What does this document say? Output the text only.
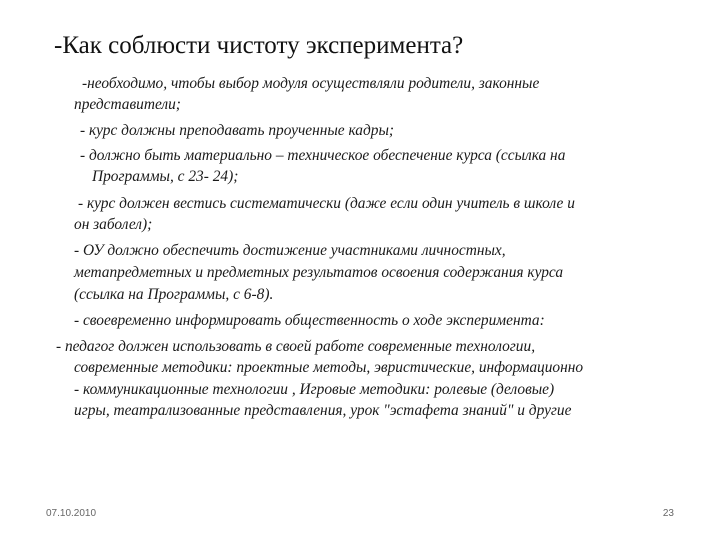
-Как соблюсти чистоту эксперимента?
-необходимо, чтобы выбор модуля осуществляли родители, законные
представители;
- курс должны преподавать проученные кадры;
- должно быть материально – техническое обеспечение курса (ссылка на
Программы, с 23- 24);
- курс должен вестись систематически (даже если один учитель в школе и
он заболел);
- ОУ должно обеспечить достижение участниками личностных,
метапредметных и предметных результатов освоения содержания курса
(ссылка на Программы, с 6-8).
- своевременно информировать общественность о ходе эксперимента:
- педагог должен использовать в своей работе современные технологии,
современные методики: проектные методы, эвристические, информационно
- коммуникационные технологии , Игровые методики: ролевые (деловые)
игры, театрализованные представления, урок "эстафета знаний" и другие
07.10.2010	23
